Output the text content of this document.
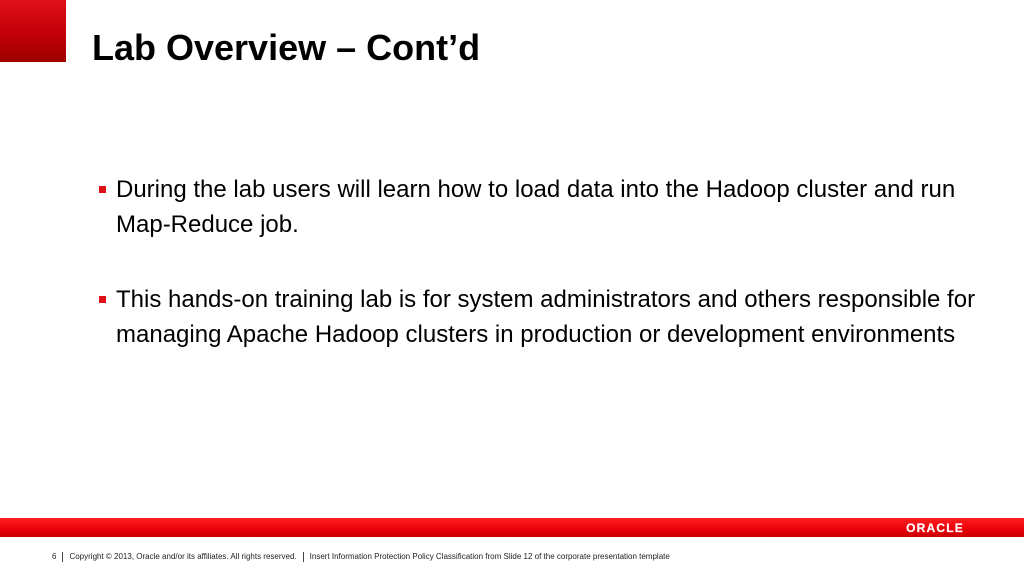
Lab Overview – Cont’d
During the lab users will learn how to load data into the Hadoop cluster and run Map-Reduce job.
This hands-on training lab is for system administrators and others responsible for managing Apache Hadoop clusters in production or development environments
ORACLE
6 Copyright © 2013, Oracle and/or its affiliates. All rights reserved. Insert Information Protection Policy Classification from Slide 12 of the corporate presentation template
